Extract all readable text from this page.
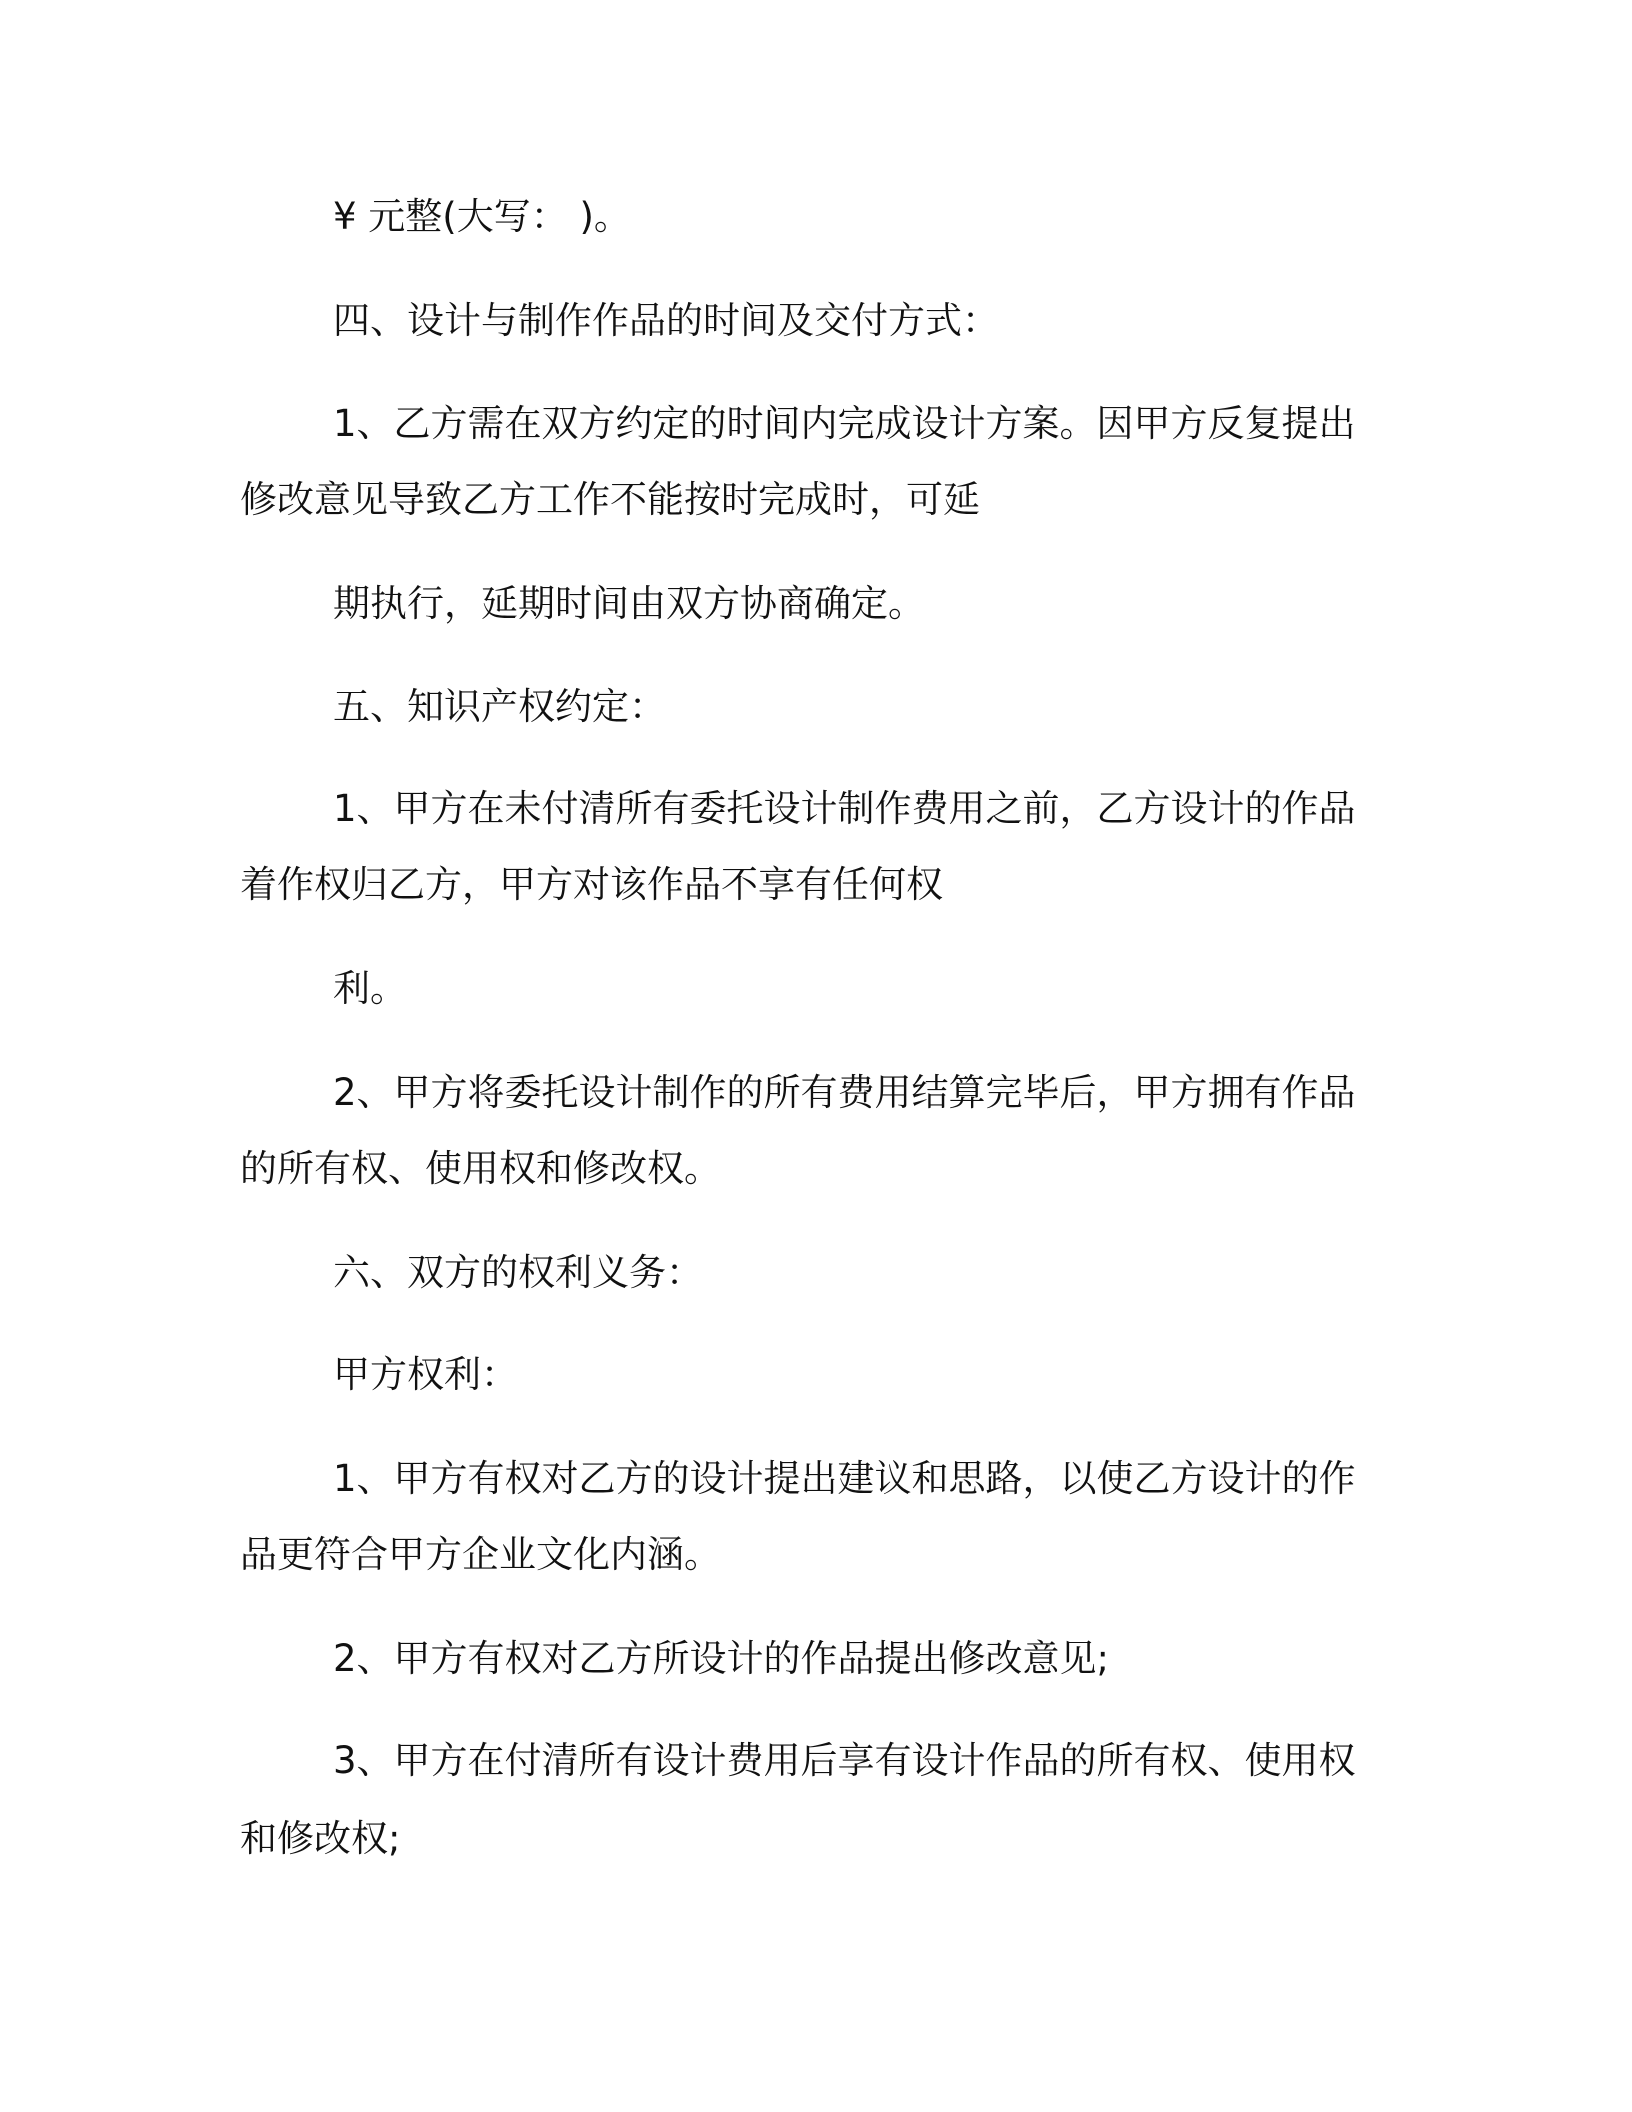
¥ 元整(大写： )。
四、设计与制作作品的时间及交付方式：
1、乙方需在双方约定的时间内完成设计方案。因甲方反复提出
修改意见导致乙方工作不能按时完成时，可延
期执行，延期时间由双方协商确定。
五、知识产权约定：
1、甲方在未付清所有委托设计制作费用之前，乙方设计的作品
着作权归乙方，甲方对该作品不享有任何权
利。
2、甲方将委托设计制作的所有费用结算完毕后，甲方拥有作品
的所有权、使用权和修改权。
六、双方的权利义务：
甲方权利：
1、甲方有权对乙方的设计提出建议和思路，以使乙方设计的作
品更符合甲方企业文化内涵。
2、甲方有权对乙方所设计的作品提出修改意见;
3、甲方在付清所有设计费用后享有设计作品的所有权、使用权
和修改权;
